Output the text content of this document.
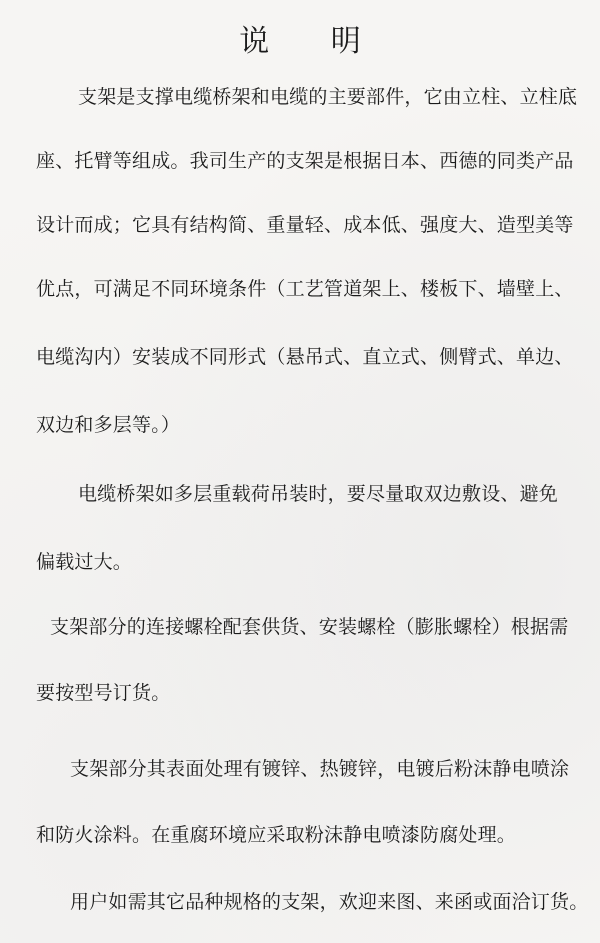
说 明
支架是支撑电缆桥架和电缆的主要部件，它由立柱、立柱底
座、托臂等组成。我司生产的支架是根据日本、西德的同类产品
设计而成；它具有结构简、重量轻、成本低、强度大、造型美等
优点，可满足不同环境条件（工艺管道架上、楼板下、墙壁上、
电缆沟内）安装成不同形式（悬吊式、直立式、侧臂式、单边、
双边和多层等。）
电缆桥架如多层重载荷吊装时，要尽量取双边敷设、避免
偏载过大。
支架部分的连接螺栓配套供货、安装螺栓（膨胀螺栓）根据需
要按型号订货。
支架部分其表面处理有镀锌、热镀锌，电镀后粉沫静电喷涂
和防火涂料。在重腐环境应采取粉沫静电喷漆防腐处理。
用户如需其它品种规格的支架，欢迎来图、来函或面洽订货。
